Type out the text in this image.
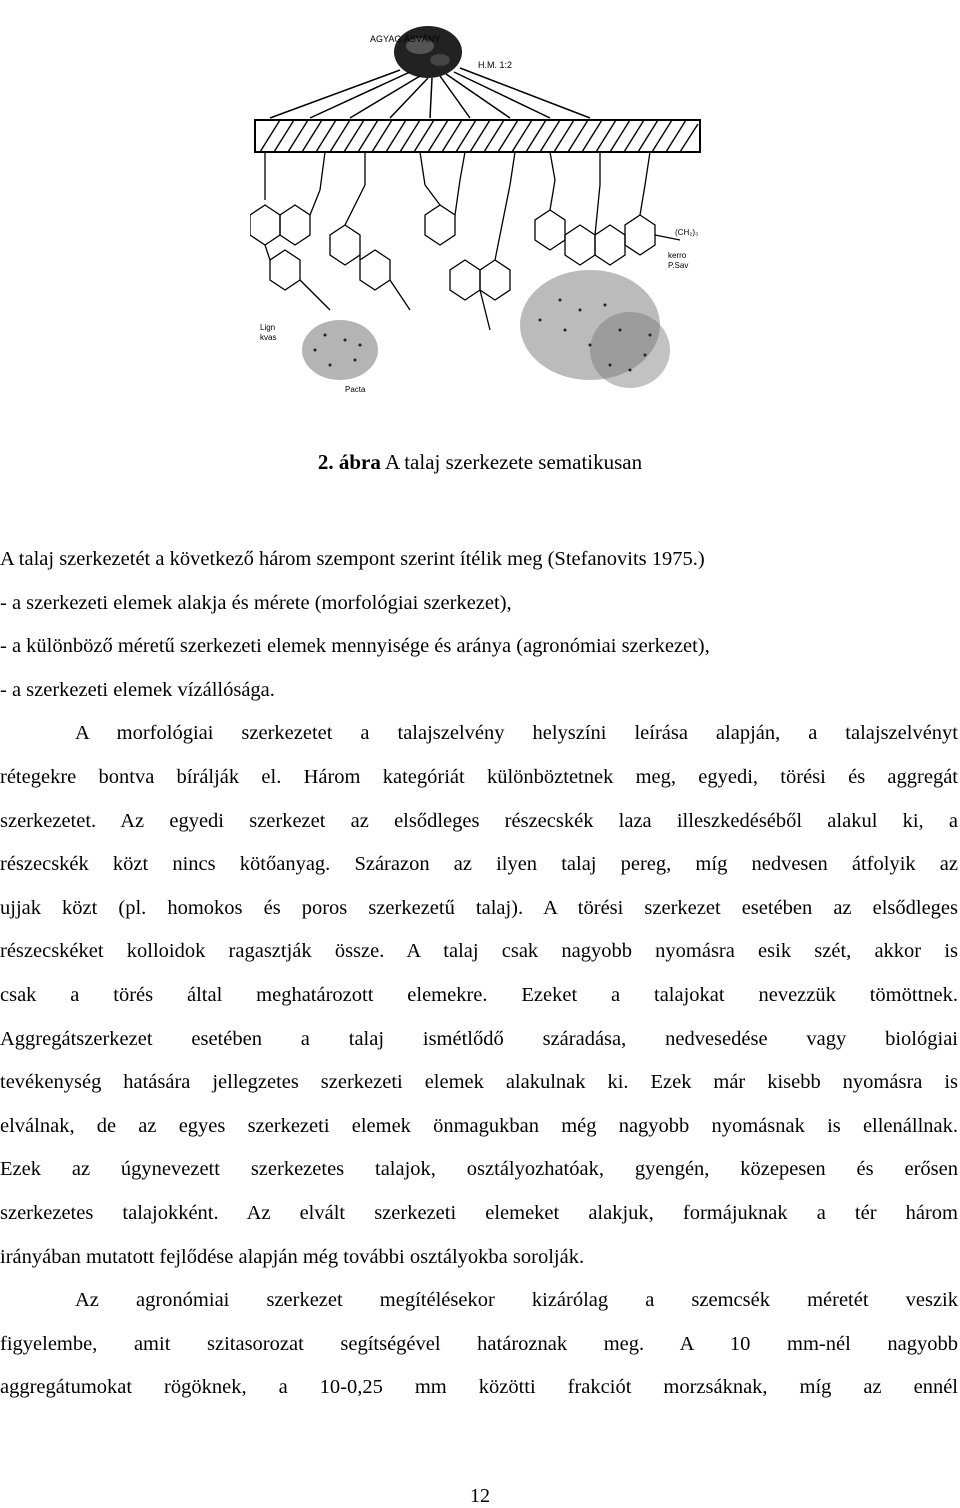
AGYAG ÁSVÁNY
H.M. 1:2
Lign
kvas
Pacta
(CH₂)₃
kerro
P.Sav
2. ábra A talaj szerkezete sematikusan
A talaj szerkezetét a következő három szempont szerint ítélik meg (Stefanovits 1975.)
- a szerkezeti elemek alakja és mérete (morfológiai szerkezet),
- a különböző méretű szerkezeti elemek mennyisége és aránya (agronómiai szerkezet),
- a szerkezeti elemek vízállósága.
A morfológiai szerkezetet a talajszelvény helyszíni leírása alapján, a talajszelvényt
rétegekre bontva bírálják el. Három kategóriát különböztetnek meg, egyedi, törési és aggregát
szerkezetet. Az egyedi szerkezet az elsődleges részecskék laza illeszkedéséből alakul ki, a
részecskék közt nincs kötőanyag. Szárazon az ilyen talaj pereg, míg nedvesen átfolyik az
ujjak közt (pl. homokos és poros szerkezetű talaj). A törési szerkezet esetében az elsődleges
részecskéket kolloidok ragasztják össze. A talaj csak nagyobb nyomásra esik szét, akkor is
csak a törés által meghatározott elemekre. Ezeket a talajokat nevezzük tömöttnek.
Aggregátszerkezet esetében a talaj ismétlődő száradása, nedvesedése vagy biológiai
tevékenység hatására jellegzetes szerkezeti elemek alakulnak ki. Ezek már kisebb nyomásra is
elválnak, de az egyes szerkezeti elemek önmagukban még nagyobb nyomásnak is ellenállnak.
Ezek az úgynevezett szerkezetes talajok, osztályozhatóak, gyengén, közepesen és erősen
szerkezetes talajokként. Az elvált szerkezeti elemeket alakjuk, formájuknak a tér három
irányában mutatott fejlődése alapján még további osztályokba sorolják.
Az agronómiai szerkezet megítélésekor kizárólag a szemcsék méretét veszik
figyelembe, amit szitasorozat segítségével határoznak meg. A 10 mm-nél nagyobb
aggregátumokat rögöknek, a 10-0,25 mm közötti frakciót morzsáknak, míg az ennél
12
